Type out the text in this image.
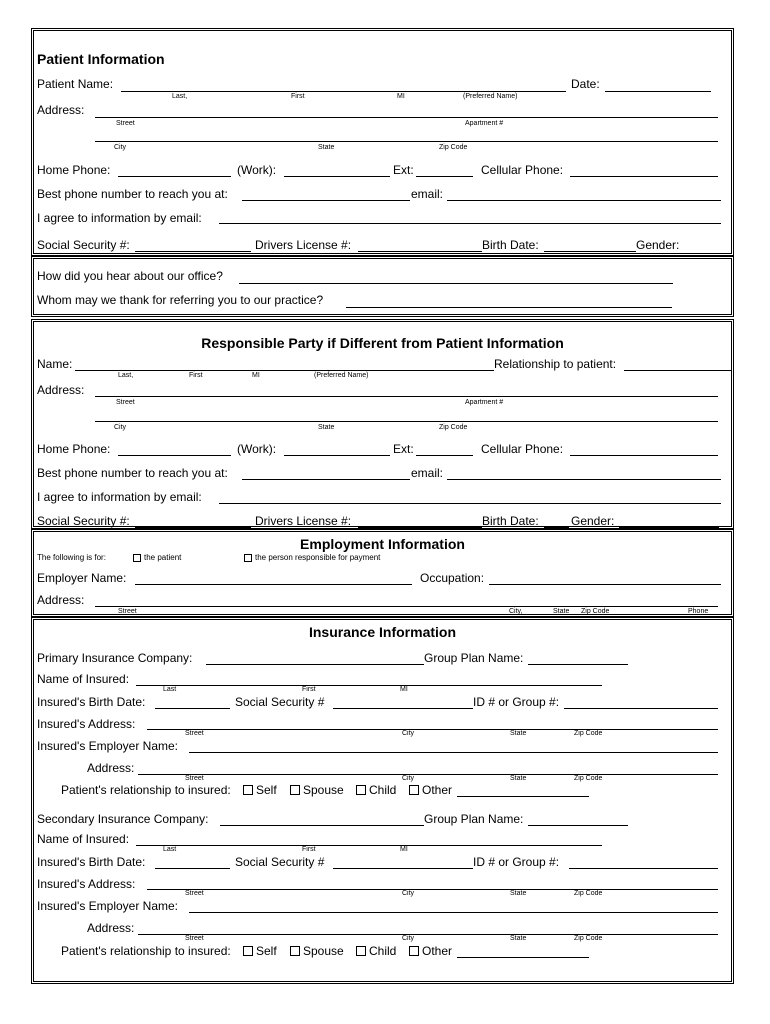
Patient Information
Patient Name:	Date:
Last,	First	MI	(Preferred Name)
Address:
Street	Apartment #
City	State	Zip Code
Home Phone:	(Work):	Ext:	Cellular Phone:
Best phone number to reach you at:	email:
I agree to information by email:
Social Security #:	Drivers License #:	Birth Date:	Gender:
How did you hear about our office?
Whom may we thank for referring you to our practice?
Responsible Party if Different from Patient Information
Name:	Relationship to patient:
Last,	First	MI	(Preferred Name)
Address:
Street	Apartment #
City	State	Zip Code
Home Phone:	(Work):	Ext:	Cellular Phone:
Best phone number to reach you at:	email:
I agree to information by email:
Social Security #:	Drivers License #:	Birth Date:	Gender:
Employment Information
The following is for:	the patient	the person responsible for payment
Employer Name:	Occupation:
Address:
Street	City,	State Zip Code	Phone
Insurance Information
Primary Insurance Company:	Group Plan Name:
Name of Insured:
Last	First	MI
Insured's Birth Date:	Social Security #	ID # or Group #:
Insured's Address:
Street	City	State	Zip Code
Insured's Employer Name:
Address:
Street	City	State	Zip Code
Patient's relationship to insured: Self Spouse Child Other
Secondary Insurance Company:	Group Plan Name:
Name of Insured:
Last	First	MI
Insured's Birth Date:	Social Security #	ID # or Group #:
Insured's Address:
Street	City	State	Zip Code
Insured's Employer Name:
Address:
Street	City	State	Zip Code
Patient's relationship to insured: Self Spouse Child Other
